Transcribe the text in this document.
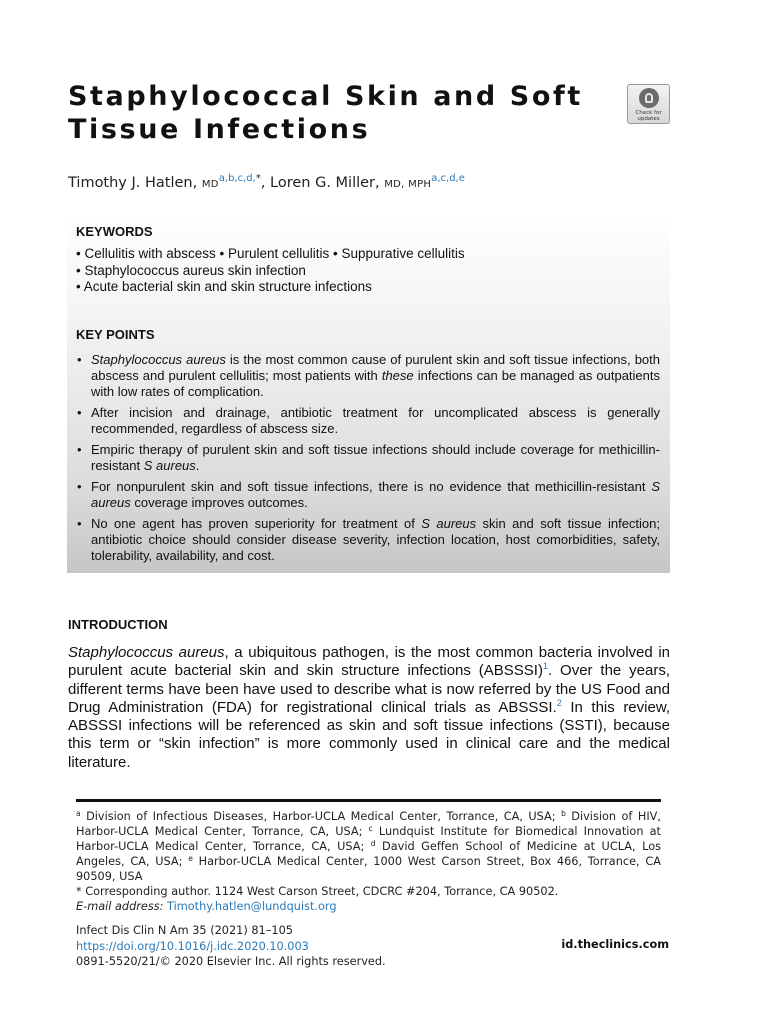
Staphylococcal Skin and Soft
Tissue Infections
Check for
updates
Timothy J. Hatlen, $MD^{a,b,c,d,*}$, Loren G. Miller, MD, MPH$^{a,c,d,e}$
KEYWORDS
• Cellulitis with abscess • Purulent cellulitis • Suppurative cellulitis
• Staphylococcus aureus skin infection
• Acute bacterial skin and skin structure infections
KEY POINTS
• Staphylococcus aureus is the most common cause of purulent skin and soft tissue infections, both abscess and purulent cellulitis; most patients with these infections can be managed as outpatients with low rates of complication.
• After incision and drainage, antibiotic treatment for uncomplicated abscess is generally recommended, regardless of abscess size.
• Empiric therapy of purulent skin and soft tissue infections should include coverage for methicillin-resistant S aureus.
• For nonpurulent skin and soft tissue infections, there is no evidence that methicillin-resistant S aureus coverage improves outcomes.
• No one agent has proven superiority for treatment of S aureus skin and soft tissue infection; antibiotic choice should consider disease severity, infection location, host comorbidities, safety, tolerability, availability, and cost.
INTRODUCTION
Staphylococcus aureus, a ubiquitous pathogen, is the most common bacteria involved in purulent acute bacterial skin and skin structure infections (ABSSSI)$^1$. Over the years, different terms have been have used to describe what is now referred by the US Food and Drug Administration (FDA) for registrational clinical trials as ABSSSI.$^2$ In this review, ABSSSI infections will be referenced as skin and soft tissue infections (SSTI), because this term or “skin infection” is more commonly used in clinical care and the medical literature.
$^a$ Division of Infectious Diseases, Harbor-UCLA Medical Center, Torrance, CA, USA; $^b$ Division of HIV, Harbor-UCLA Medical Center, Torrance, CA, USA; $^c$ Lundquist Institute for Biomedical Innovation at Harbor-UCLA Medical Center, Torrance, CA, USA; $^d$ David Geffen School of Medicine at UCLA, Los Angeles, CA, USA; $^e$ Harbor-UCLA Medical Center, 1000 West Carson Street, Box 466, Torrance, CA 90509, USA
* Corresponding author. 1124 West Carson Street, CDCRC #204, Torrance, CA 90502.
E-mail address: Timothy.hatlen@lundquist.org
Infect Dis Clin N Am 35 (2021) 81–105
https://doi.org/10.1016/j.idc.2020.10.003
0891-5520/21/© 2020 Elsevier Inc. All rights reserved.
id.theclinics.com
